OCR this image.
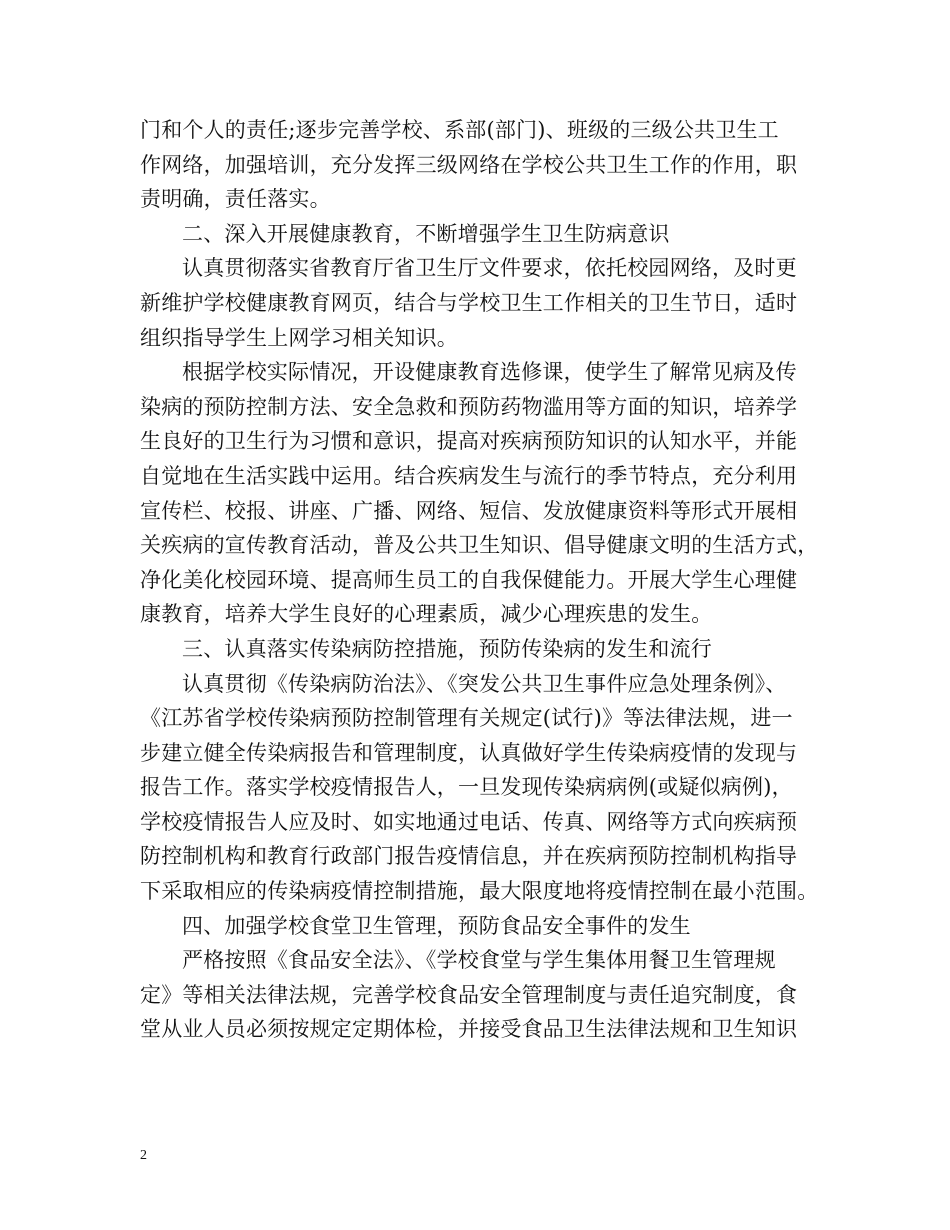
门和个人的责任;逐步完善学校、系部(部门)、班级的三级公共卫生工
作网络，加强培训，充分发挥三级网络在学校公共卫生工作的作用，职
责明确，责任落实。
二、深入开展健康教育，不断增强学生卫生防病意识
认真贯彻落实省教育厅省卫生厅文件要求，依托校园网络，及时更
新维护学校健康教育网页，结合与学校卫生工作相关的卫生节日，适时
组织指导学生上网学习相关知识。
根据学校实际情况，开设健康教育选修课，使学生了解常见病及传
染病的预防控制方法、安全急救和预防药物滥用等方面的知识，培养学
生良好的卫生行为习惯和意识，提高对疾病预防知识的认知水平，并能
自觉地在生活实践中运用。结合疾病发生与流行的季节特点，充分利用
宣传栏、校报、讲座、广播、网络、短信、发放健康资料等形式开展相
关疾病的宣传教育活动，普及公共卫生知识、倡导健康文明的生活方式，
净化美化校园环境、提高师生员工的自我保健能力。开展大学生心理健
康教育，培养大学生良好的心理素质，减少心理疾患的发生。
三、认真落实传染病防控措施，预防传染病的发生和流行
认真贯彻《传染病防治法》、《突发公共卫生事件应急处理条例》、
《江苏省学校传染病预防控制管理有关规定(试行)》等法律法规，进一
步建立健全传染病报告和管理制度，认真做好学生传染病疫情的发现与
报告工作。落实学校疫情报告人，一旦发现传染病病例(或疑似病例)，
学校疫情报告人应及时、如实地通过电话、传真、网络等方式向疾病预
防控制机构和教育行政部门报告疫情信息，并在疾病预防控制机构指导
下采取相应的传染病疫情控制措施，最大限度地将疫情控制在最小范围。
四、加强学校食堂卫生管理，预防食品安全事件的发生
严格按照《食品安全法》、《学校食堂与学生集体用餐卫生管理规
定》等相关法律法规，完善学校食品安全管理制度与责任追究制度，食
堂从业人员必须按规定定期体检，并接受食品卫生法律法规和卫生知识
2
